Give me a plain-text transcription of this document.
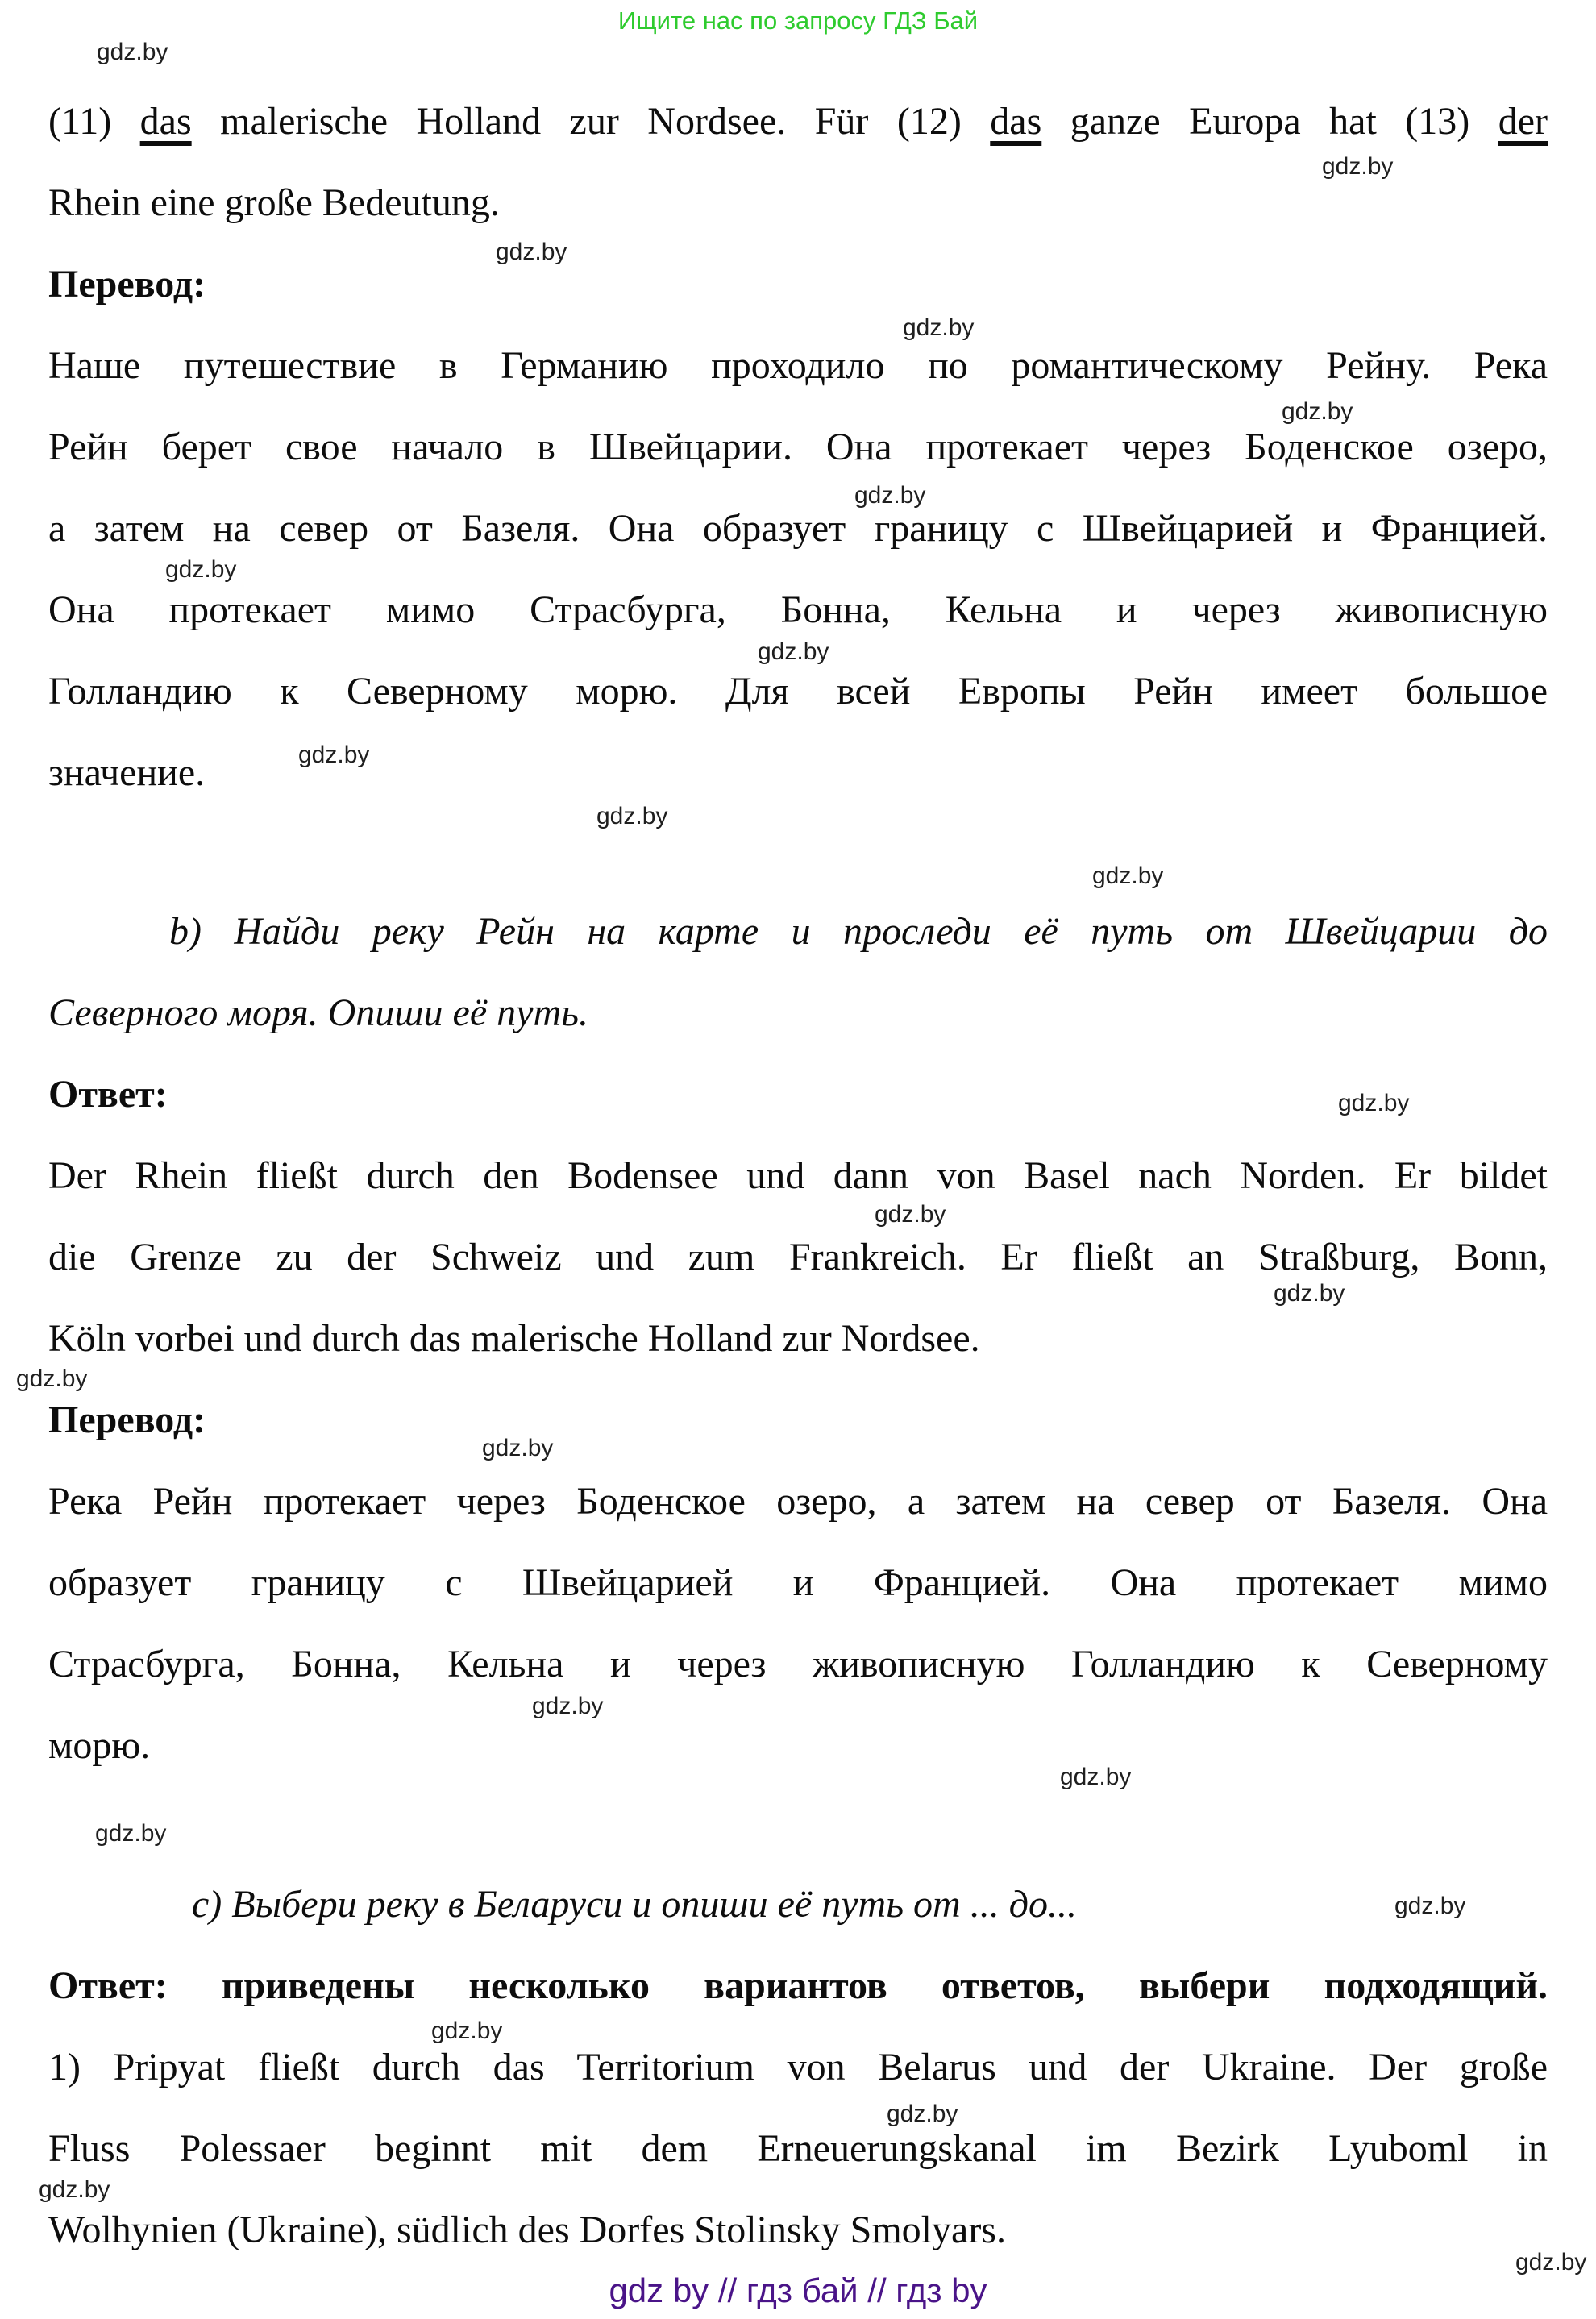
Ищите нас по запросу ГДЗ Бай
(11) das malerische Holland zur Nordsee. Für (12) das ganze Europa hat (13) der
Rhein eine große Bedeutung.
Перевод:
Наше путешествие в Германию проходило по романтическому Рейну. Река
Рейн берет свое начало в Швейцарии. Она протекает через Боденское озеро,
а затем на север от Базеля. Она образует границу с Швейцарией и Францией.
Она протекает мимо Страсбурга, Бонна, Кельна и через живописную
Голландию к Северному морю. Для всей Европы Рейн имеет большое
значение.
b) Найди реку Рейн на карте и проследи её путь от Швейцарии до
Северного моря. Опиши её путь.
Ответ:
Der Rhein fließt durch den Bodensee und dann von Basel nach Norden. Er bildet
die Grenze zu der Schweiz und zum Frankreich. Er fließt an Straßburg, Bonn,
Köln vorbei und durch das malerische Holland zur Nordsee.
Перевод:
Река Рейн протекает через Боденское озеро, а затем на север от Базеля. Она
образует границу с Швейцарией и Францией. Она протекает мимо
Страсбурга, Бонна, Кельна и через живописную Голландию к Северному
морю.
c) Выбери реку в Беларуси и опиши её путь от ... до...
Ответ: приведены несколько вариантов ответов, выбери подходящий.
1) Pripyat fließt durch das Territorium von Belarus und der Ukraine. Der große
Fluss Polessaer beginnt mit dem Erneuerungskanal im Bezirk Lyuboml in
Wolhynien (Ukraine), südlich des Dorfes Stolinsky Smolyars.
gdz by // гдз бай // гдз by
gdz.by
gdz.by
gdz.by
gdz.by
gdz.by
gdz.by
gdz.by
gdz.by
gdz.by
gdz.by
gdz.by
gdz.by
gdz.by
gdz.by
gdz.by
gdz.by
gdz.by
gdz.by
gdz.by
gdz.by
gdz.by
gdz.by
gdz.by
gdz.by
